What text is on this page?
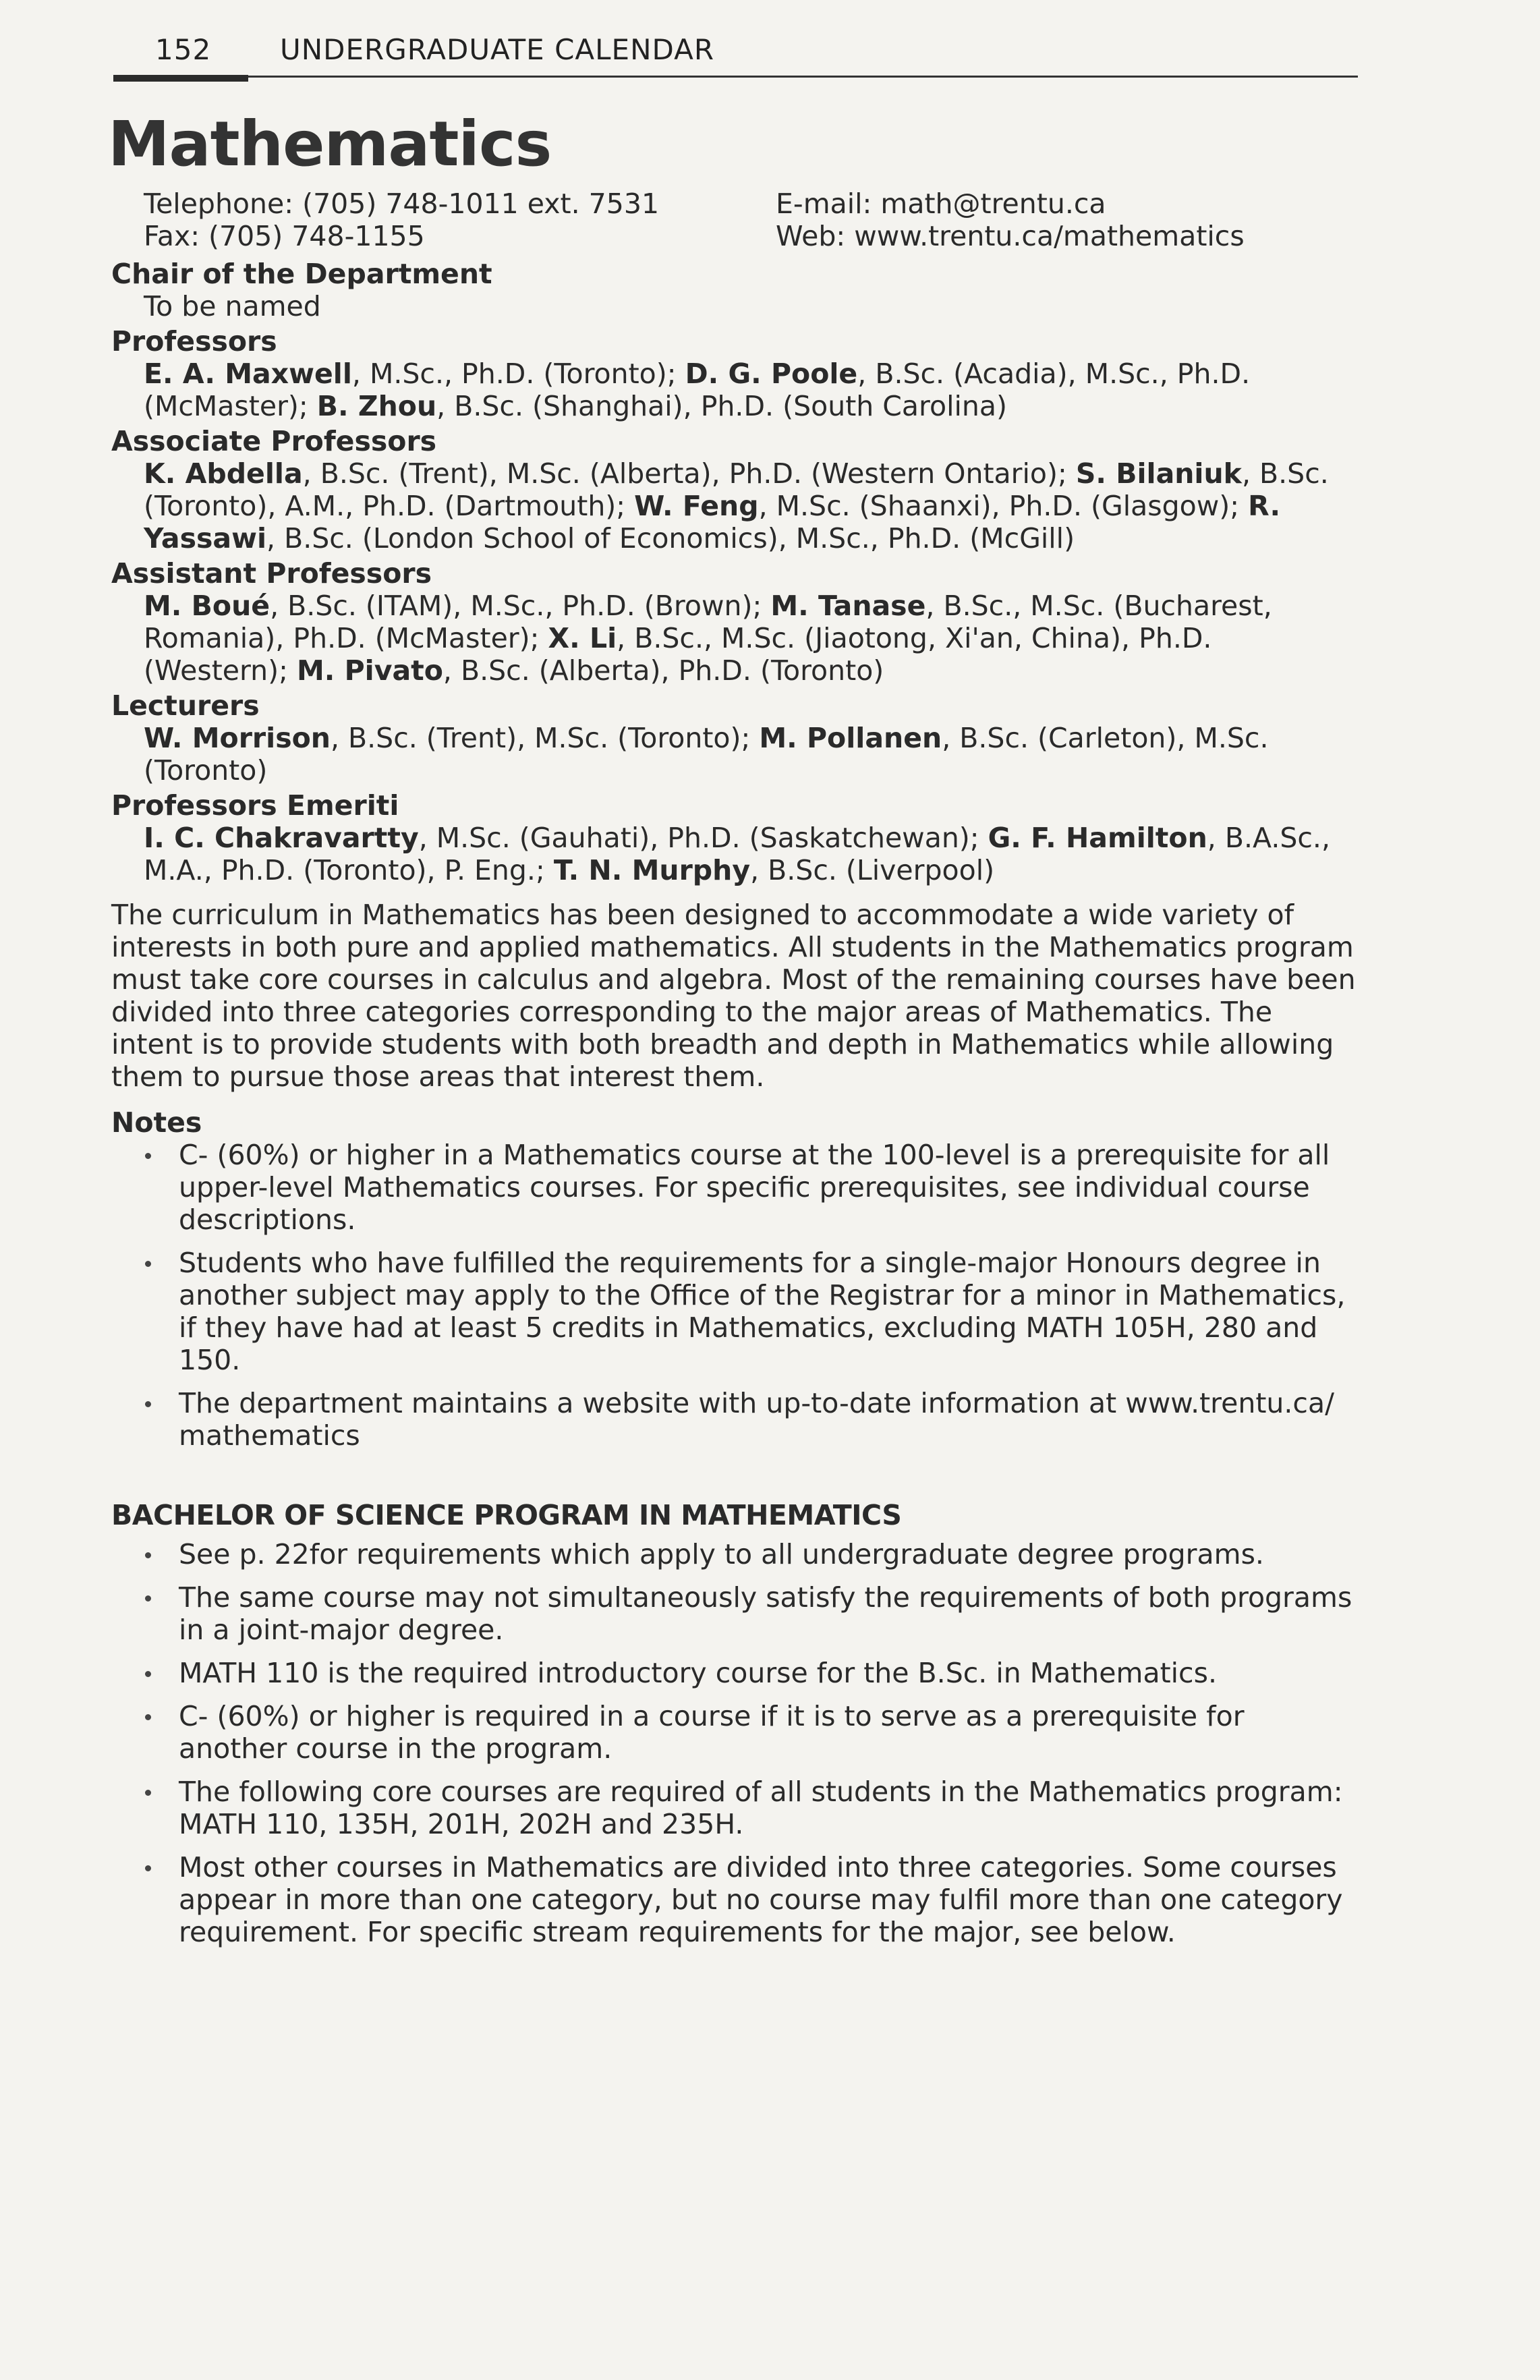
152 UNDERGRADUATE CALENDAR
Mathematics
Telephone: (705) 748-1011 ext. 7531
Fax: (705) 748-1155
E-mail: math@trentu.ca
Web: www.trentu.ca/mathematics
Chair of the Department
To be named
Professors
E. A. Maxwell, M.Sc., Ph.D. (Toronto); D. G. Poole, B.Sc. (Acadia), M.Sc., Ph.D. (McMaster); B. Zhou, B.Sc. (Shanghai), Ph.D. (South Carolina)
Associate Professors
K. Abdella, B.Sc. (Trent), M.Sc. (Alberta), Ph.D. (Western Ontario); S. Bilaniuk, B.Sc. (Toronto), A.M., Ph.D. (Dartmouth); W. Feng, M.Sc. (Shaanxi), Ph.D. (Glasgow); R. Yassawi, B.Sc. (London School of Economics), M.Sc., Ph.D. (McGill)
Assistant Professors
M. Boué, B.Sc. (ITAM), M.Sc., Ph.D. (Brown); M. Tanase, B.Sc., M.Sc. (Bucharest, Romania), Ph.D. (McMaster); X. Li, B.Sc., M.Sc. (Jiaotong, Xi'an, China), Ph.D. (Western); M. Pivato, B.Sc. (Alberta), Ph.D. (Toronto)
Lecturers
W. Morrison, B.Sc. (Trent), M.Sc. (Toronto); M. Pollanen, B.Sc. (Carleton), M.Sc. (Toronto)
Professors Emeriti
I. C. Chakravartty, M.Sc. (Gauhati), Ph.D. (Saskatchewan); G. F. Hamilton, B.A.Sc., M.A., Ph.D. (Toronto), P. Eng.; T. N. Murphy, B.Sc. (Liverpool)
The curriculum in Mathematics has been designed to accommodate a wide variety of interests in both pure and applied mathematics. All students in the Mathematics program must take core courses in calculus and algebra. Most of the remaining courses have been divided into three categories corresponding to the major areas of Mathematics. The intent is to provide students with both breadth and depth in Mathematics while allowing them to pursue those areas that interest them.
Notes
C- (60%) or higher in a Mathematics course at the 100-level is a prerequisite for all upper-level Mathematics courses. For specific prerequisites, see individual course descriptions.
Students who have fulfilled the requirements for a single-major Honours degree in another subject may apply to the Office of the Registrar for a minor in Mathematics, if they have had at least 5 credits in Mathematics, excluding MATH 105H, 280 and 150.
The department maintains a website with up-to-date information at www.trentu.ca/ mathematics
BACHELOR OF SCIENCE PROGRAM IN MATHEMATICS
See p. 22for requirements which apply to all undergraduate degree programs.
The same course may not simultaneously satisfy the requirements of both programs in a joint-major degree.
MATH 110 is the required introductory course for the B.Sc. in Mathematics.
C- (60%) or higher is required in a course if it is to serve as a prerequisite for another course in the program.
The following core courses are required of all students in the Mathematics program: MATH 110, 135H, 201H, 202H and 235H.
Most other courses in Mathematics are divided into three categories. Some courses appear in more than one category, but no course may fulfil more than one category requirement. For specific stream requirements for the major, see below.
